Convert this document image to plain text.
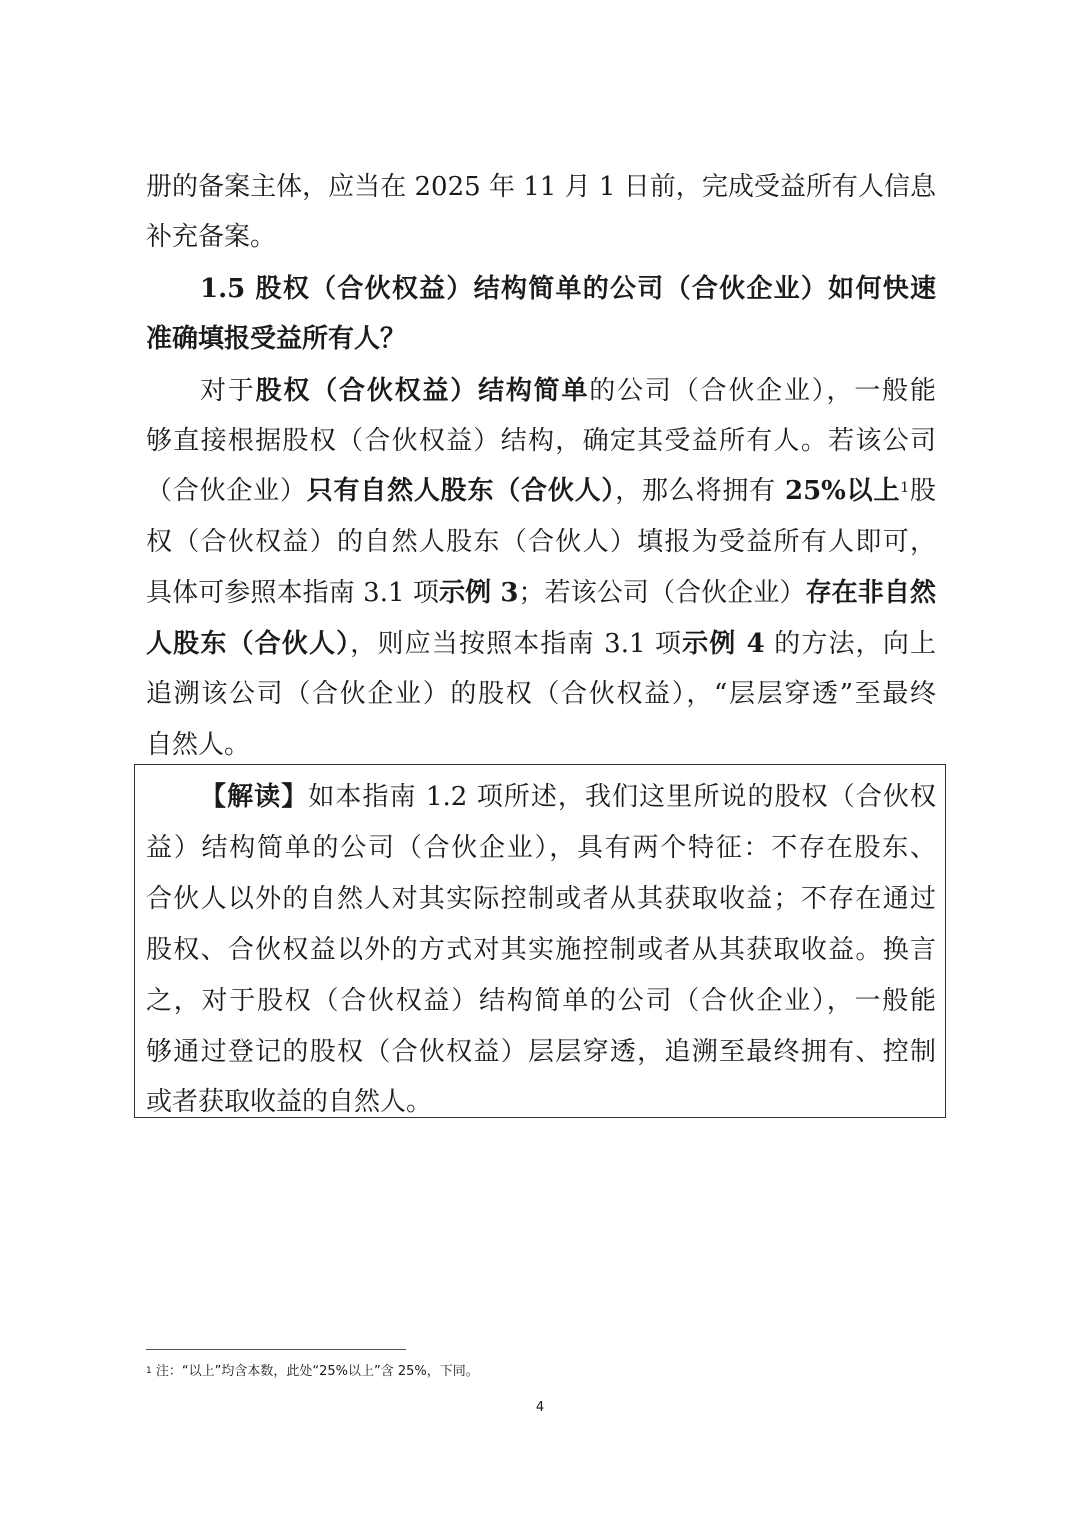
册的备案主体，应当在 2025 年 11 月 1 日前，完成受益所有人信息
补充备案。
1.5 股权（合伙权益）结构简单的公司（合伙企业）如何快速
准确填报受益所有人？
对于股权（合伙权益）结构简单的公司（合伙企业），一般能
够直接根据股权（合伙权益）结构，确定其受益所有人。若该公司
（合伙企业）只有自然人股东（合伙人），那么将拥有 25%以上$^1$股
权（合伙权益）的自然人股东（合伙人）填报为受益所有人即可，
具体可参照本指南 3.1 项示例 3；若该公司（合伙企业）存在非自然
人股东（合伙人），则应当按照本指南 3.1 项示例 4 的方法，向上
追溯该公司（合伙企业）的股权（合伙权益），“层层穿透”至最终
自然人。
【解读】如本指南 1.2 项所述，我们这里所说的股权（合伙权
益）结构简单的公司（合伙企业），具有两个特征：不存在股东、
合伙人以外的自然人对其实际控制或者从其获取收益；不存在通过
股权、合伙权益以外的方式对其实施控制或者从其获取收益。换言
之，对于股权（合伙权益）结构简单的公司（合伙企业），一般能
够通过登记的股权（合伙权益）层层穿透，追溯至最终拥有、控制
或者获取收益的自然人。
$^1$ 注：“以上”均含本数，此处“25%以上”含 25%，下同。
4
